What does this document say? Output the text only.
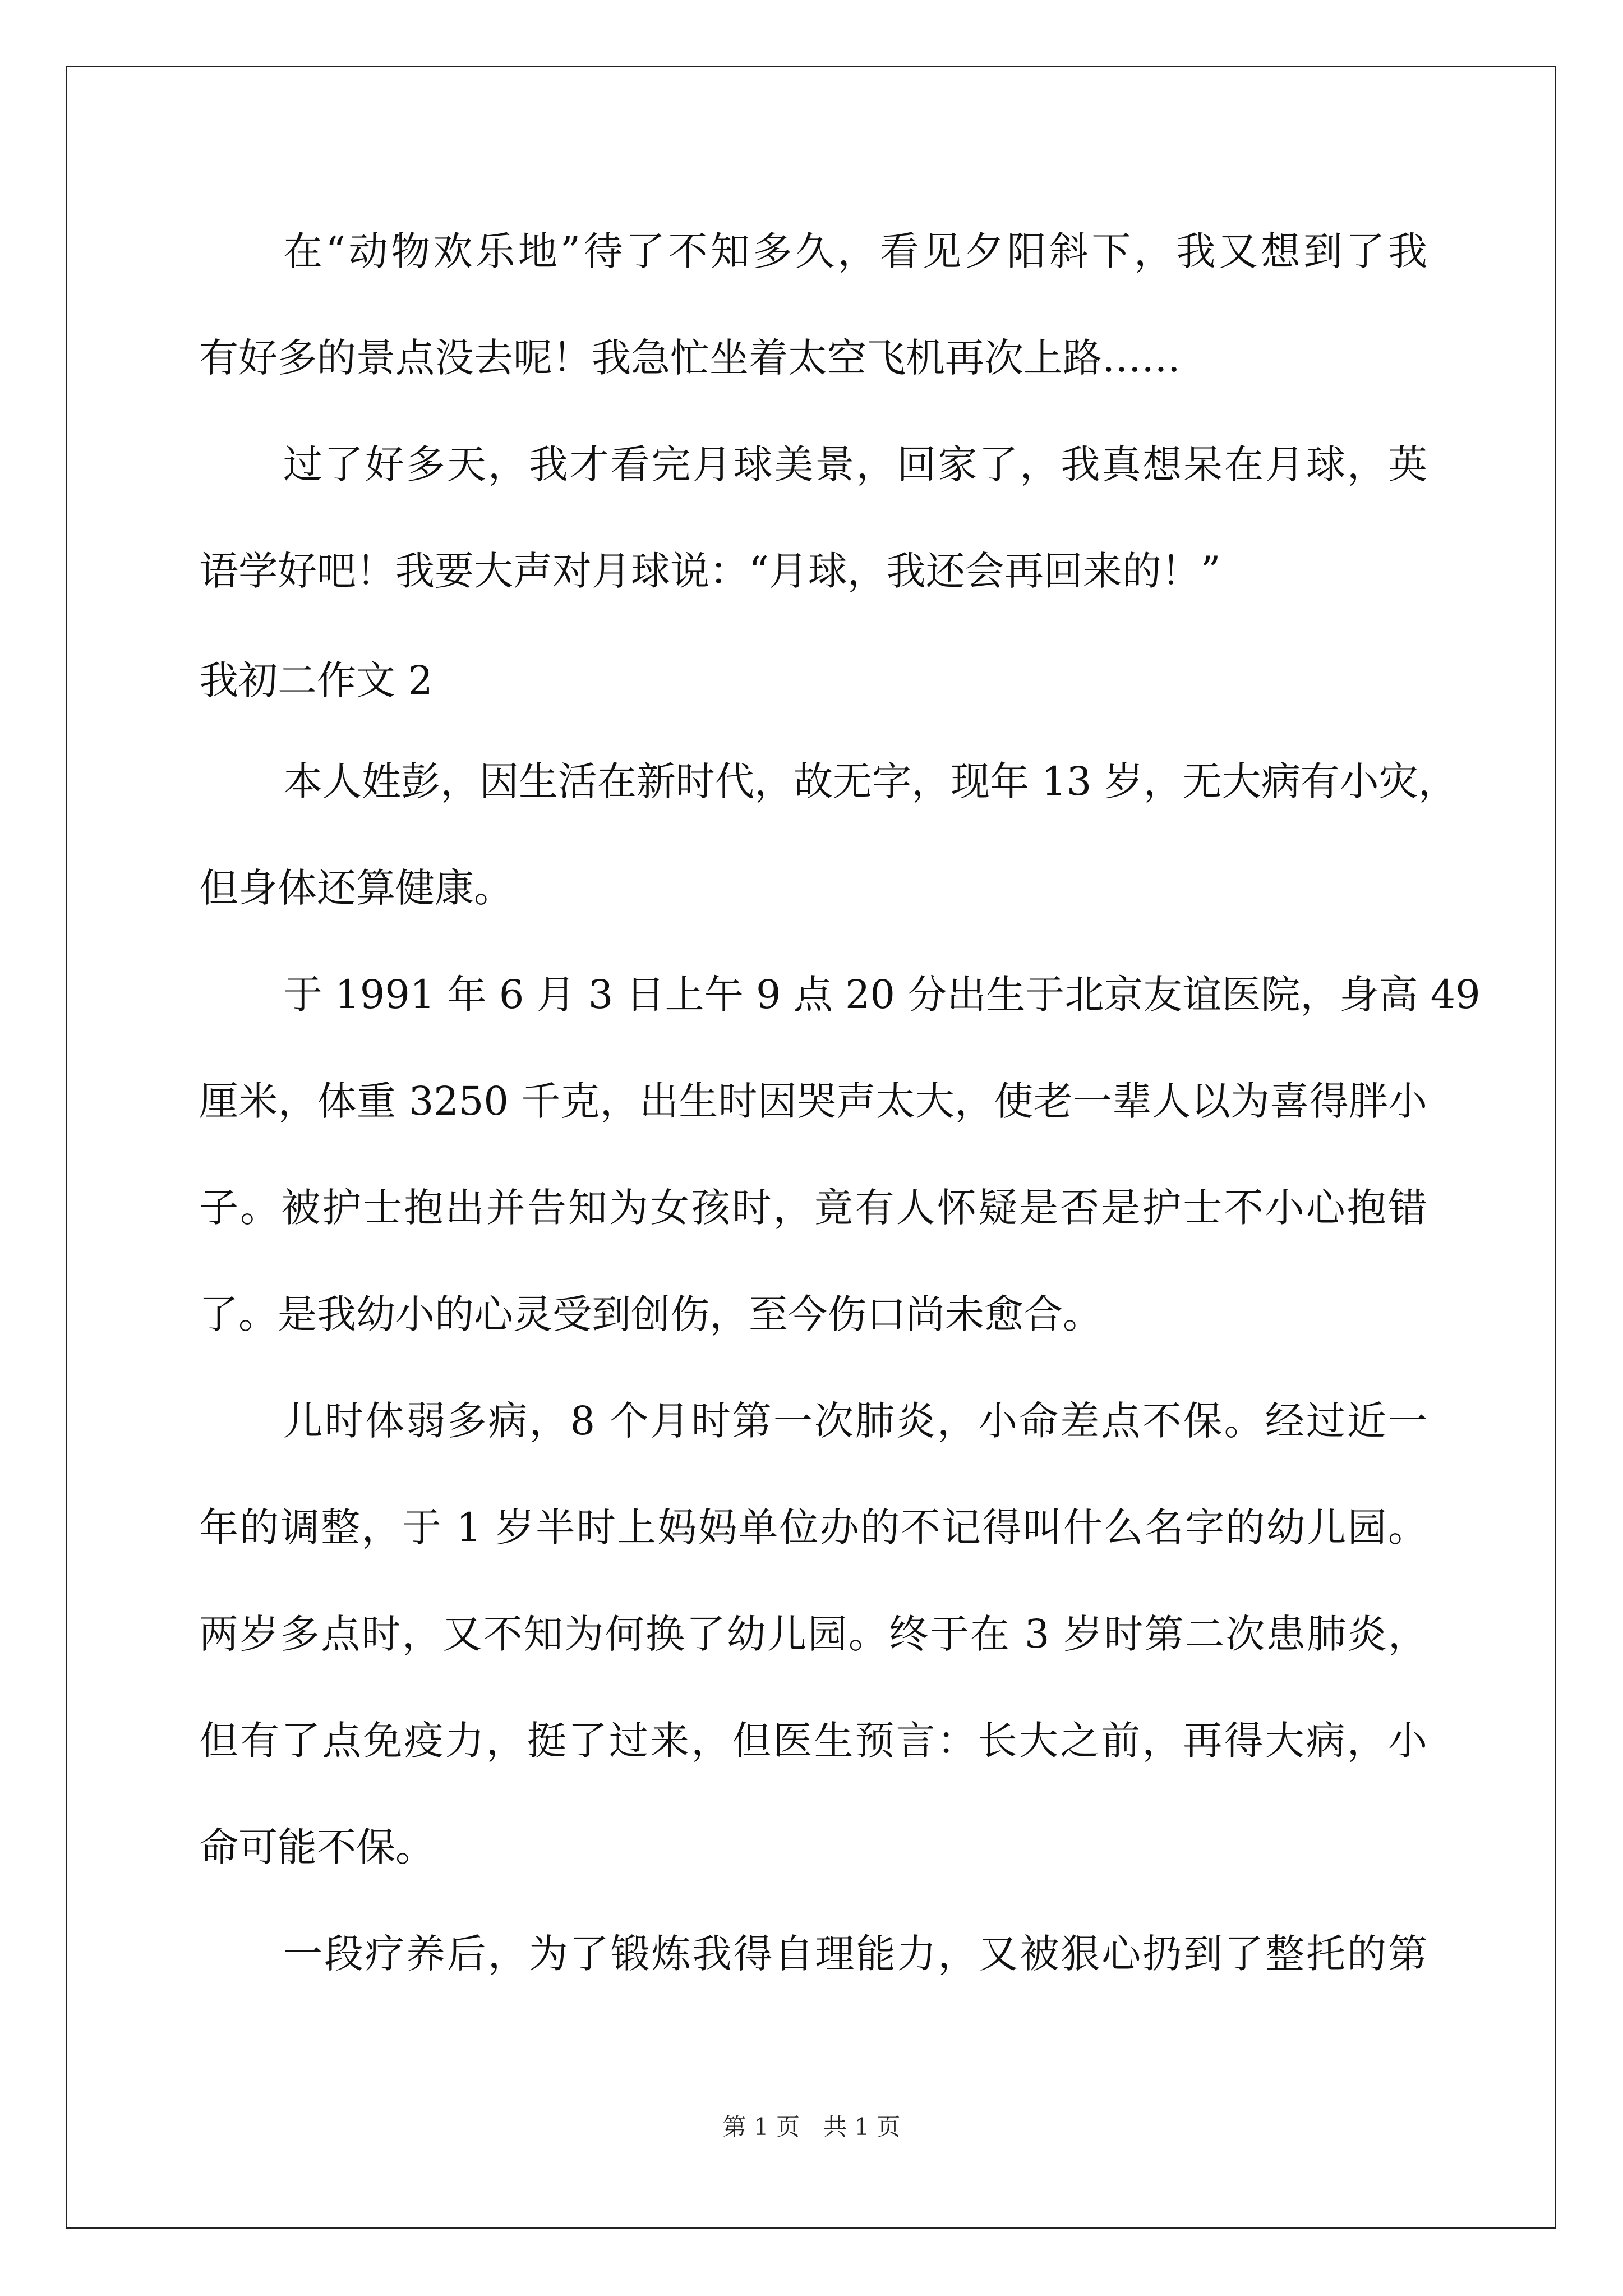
在“动物欢乐地”待了不知多久，看见夕阳斜下，我又想到了我
有好多的景点没去呢！我急忙坐着太空飞机再次上路……
过了好多天，我才看完月球美景，回家了，我真想呆在月球，英
语学好吧！我要大声对月球说：“月球，我还会再回来的！”
我初二作文 2
本人姓彭，因生活在新时代，故无字，现年 13 岁，无大病有小灾，
但身体还算健康。
于 1991 年 6 月 3 日上午 9 点 20 分出生于北京友谊医院，身高 49
厘米，体重 3250 千克，出生时因哭声太大，使老一辈人以为喜得胖小
子。被护士抱出并告知为女孩时，竟有人怀疑是否是护士不小心抱错
了。是我幼小的心灵受到创伤，至今伤口尚未愈合。
儿时体弱多病，8 个月时第一次肺炎，小命差点不保。经过近一
年的调整，于 1 岁半时上妈妈单位办的不记得叫什么名字的幼儿园。
两岁多点时，又不知为何换了幼儿园。终于在 3 岁时第二次患肺炎，
但有了点免疫力，挺了过来，但医生预言：长大之前，再得大病，小
命可能不保。
一段疗养后，为了锻炼我得自理能力，又被狠心扔到了整托的第
第 1 页　共 1 页
